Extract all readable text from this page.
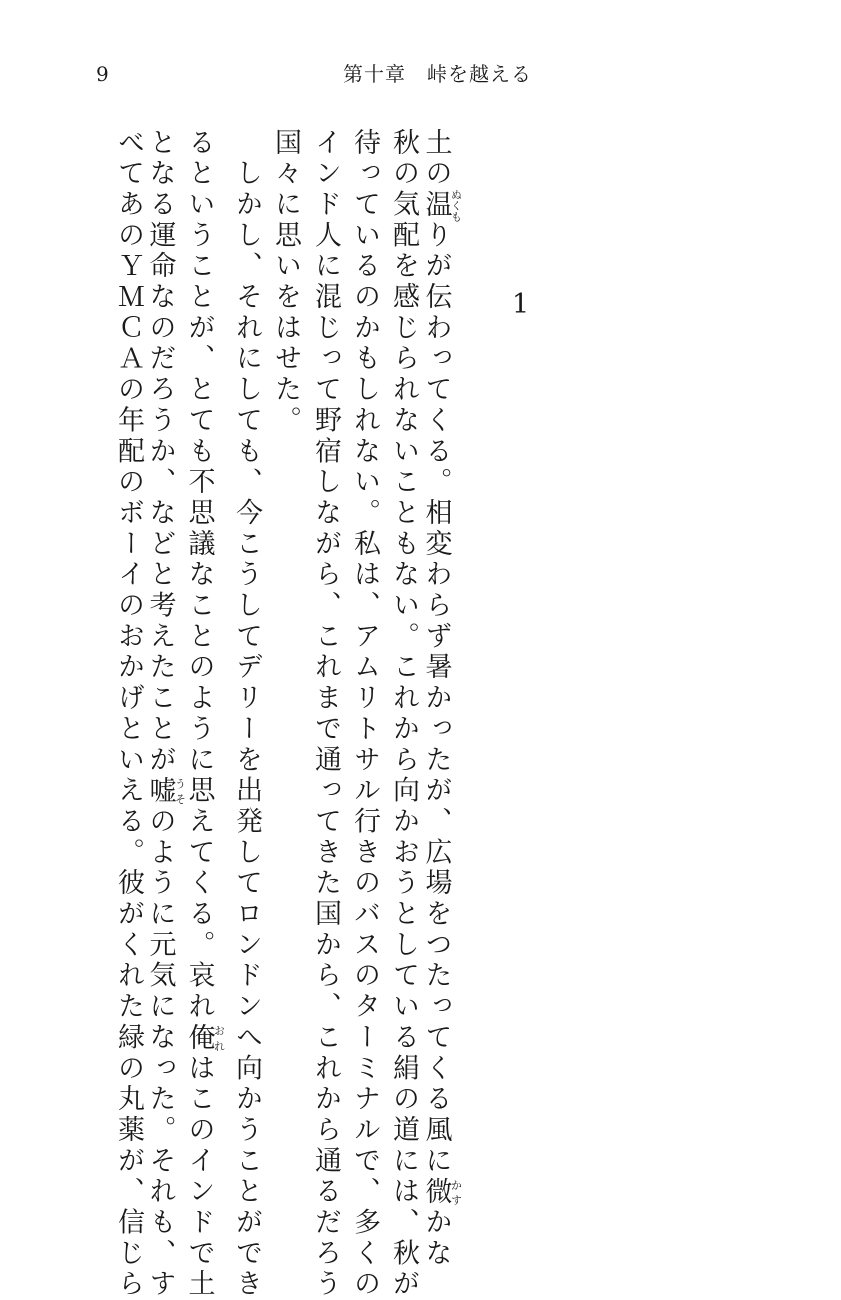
9	第十章　峠を越える
1
土の温ぬくもりが伝わってくる。相変わらず暑かったが、広場をつたってくる風に微かすかな
秋の気配を感じられないこともない。これから向かおうとしている絹の道には、秋が
待っているのかもしれない。私は、アムリトサル行きのバスのターミナルで、多くの
インド人に混じって野宿しながら、これまで通ってきた国から、これから通るだろう
国々に思いをはせた。
　しかし、それにしても、今こうしてデリーを出発してロンドンへ向かうことができ
るということが、とても不思議なことのように思えてくる。哀れ俺おれはこのインドで土
となる運命なのだろうか、などと考えたことが嘘うそのように元気になった。それも、す
べてあのＹＭＣＡの年配のボーイのおかげといえる。彼がくれた緑の丸薬が、信じら
